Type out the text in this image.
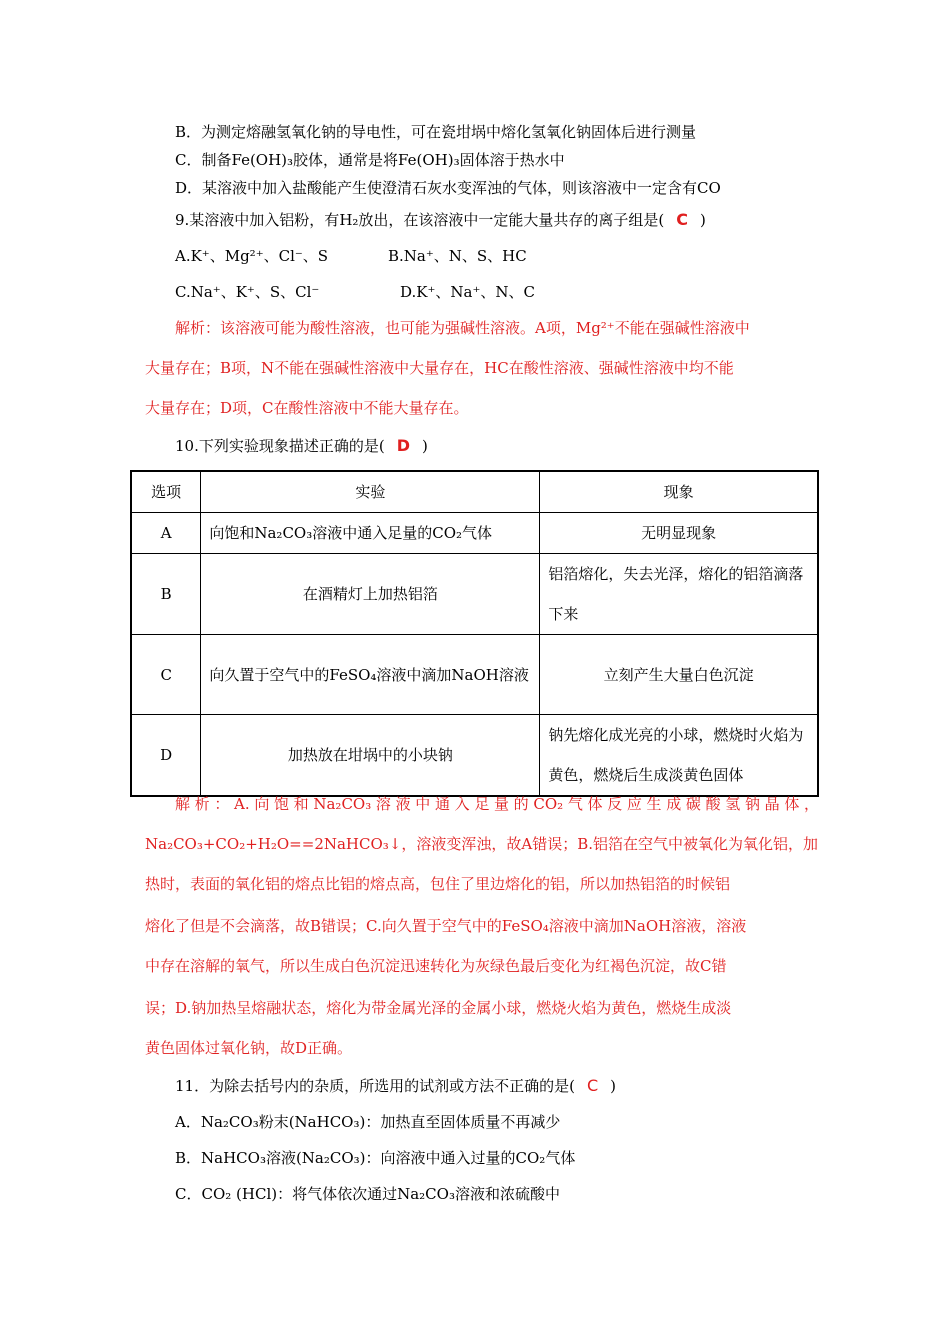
B．为测定熔融氢氧化钠的导电性，可在瓷坩埚中熔化氢氧化钠固体后进行测量
C．制备Fe(OH)₃胶体，通常是将Fe(OH)₃固体溶于热水中
D．某溶液中加入盐酸能产生使澄清石灰水变浑浊的气体，则该溶液中一定含有CO
9.某溶液中加入铝粉，有H₂放出，在该溶液中一定能大量共存的离子组是( C )
A.K⁺、Mg²⁺、Cl⁻、S	B.Na⁺、N、S、HC
C.Na⁺、K⁺、S、Cl⁻	D.K⁺、Na⁺、N、C
解析：该溶液可能为酸性溶液，也可能为强碱性溶液。A项，Mg²⁺不能在强碱性溶液中
大量存在；B项，N不能在强碱性溶液中大量存在，HC在酸性溶液、强碱性溶液中均不能
大量存在；D项，C在酸性溶液中不能大量存在。
10.下列实验现象描述正确的是( D )
选项	实验	现象
A	向饱和Na₂CO₃溶液中通入足量的CO₂气体	无明显现象
B	在酒精灯上加热铝箔	铝箔熔化，失去光泽，熔化的铝箔滴落下来
C	向久置于空气中的FeSO₄溶液中滴加NaOH溶液	立刻产生大量白色沉淀
D	加热放在坩埚中的小块钠	钠先熔化成光亮的小球，燃烧时火焰为黄色，燃烧后生成淡黄色固体
解析：A.向饱和Na₂CO₃溶液中通入足量的CO₂气体反应生成碳酸氢钠晶体，
Na₂CO₃+CO₂+H₂O==2NaHCO₃↓，溶液变浑浊，故A错误；B.铝箔在空气中被氧化为氧化铝，加
热时，表面的氧化铝的熔点比铝的熔点高，包住了里边熔化的铝，所以加热铝箔的时候铝
熔化了但是不会滴落，故B错误；C.向久置于空气中的FeSO₄溶液中滴加NaOH溶液，溶液
中存在溶解的氧气，所以生成白色沉淀迅速转化为灰绿色最后变化为红褐色沉淀，故C错
误；D.钠加热呈熔融状态，熔化为带金属光泽的金属小球，燃烧火焰为黄色，燃烧生成淡
黄色固体过氧化钠，故D正确。
11．为除去括号内的杂质，所选用的试剂或方法不正确的是( C )
A．Na₂CO₃粉末(NaHCO₃)：加热直至固体质量不再减少
B．NaHCO₃溶液(Na₂CO₃)：向溶液中通入过量的CO₂气体
C．CO₂ (HCl)：将气体依次通过Na₂CO₃溶液和浓硫酸中
